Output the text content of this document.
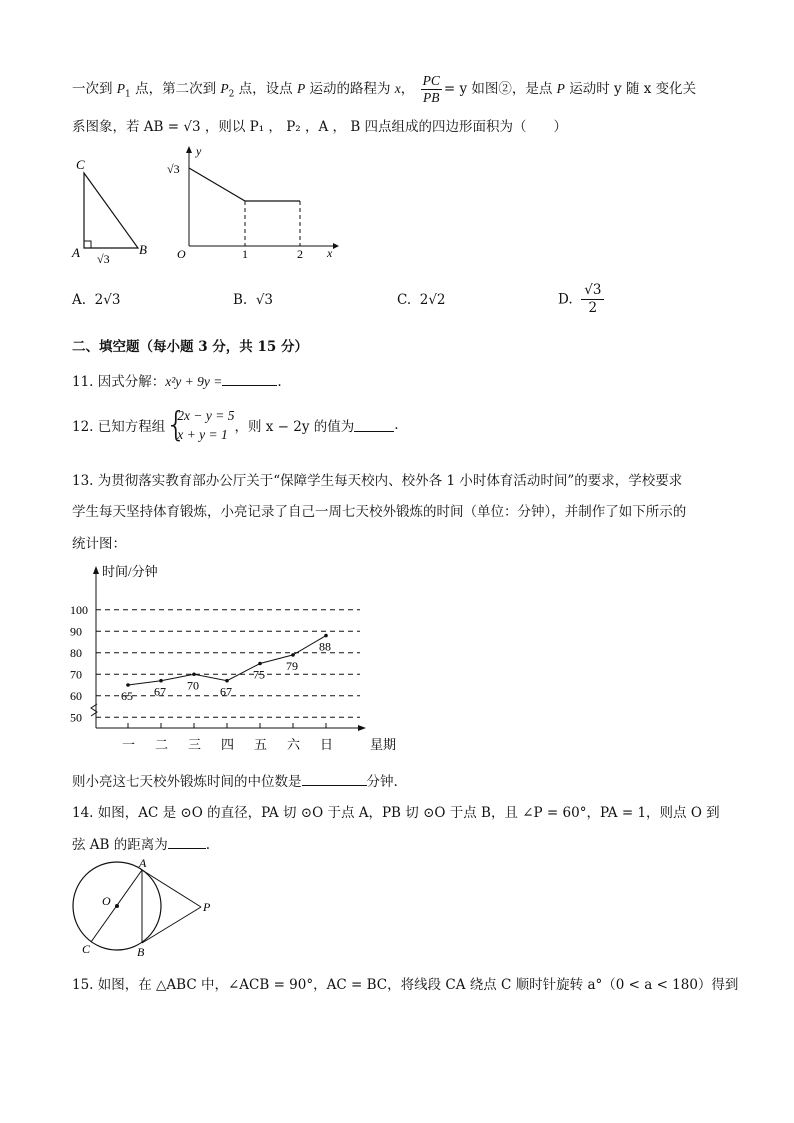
一次到 $P_1$ 点，第二次到 $P_2$ 点，设点 P 运动的路程为 x， $\frac{PC}{PB} = y$ 如图②，是点 P 运动时 y 随 x 变化关
系图象，若 AB = √3 ，则以 P₁ ， P₂ ，A ， B 四点组成的四边形面积为（　　）
C
A	B
√3
y
x
O
√3
1	2
A. 2√3	B. √3	C. 2√2	D. $\frac{√3}{2}$
二、填空题（每小题 3 分，共 15 分）
11. 因式分解：x²y + 9y =	.
12. 已知方程组 {
2x − y = 5
x + y = 1 ，则 x − 2y 的值为	.
13. 为贯彻落实教育部办公厅关于“保障学生每天校内、校外各 1 小时体育活动时间”的要求，学校要求
学生每天坚持体育锻炼，小亮记录了自己一周七天校外锻炼的时间（单位：分钟），并制作了如下所示的
统计图：
时间/分钟
星期
50
60
70
80
90
100
一 二 三 四 五 六 日
65 67 70 67
75
79
88
则小亮这七天校外锻炼时间的中位数是	分钟.
14. 如图，AC 是 ⊙O 的直径，PA 切 ⊙O 于点 A，PB 切 ⊙O 于点 B，且 ∠P = 60°，PA = 1，则点 O 到
弦 AB 的距离为	.
A
O	P
C	B
15. 如图，在 △ABC 中，∠ACB = 90°，AC = BC，将线段 CA 绕点 C 顺时针旋转 a°（0 < a < 180）得到
